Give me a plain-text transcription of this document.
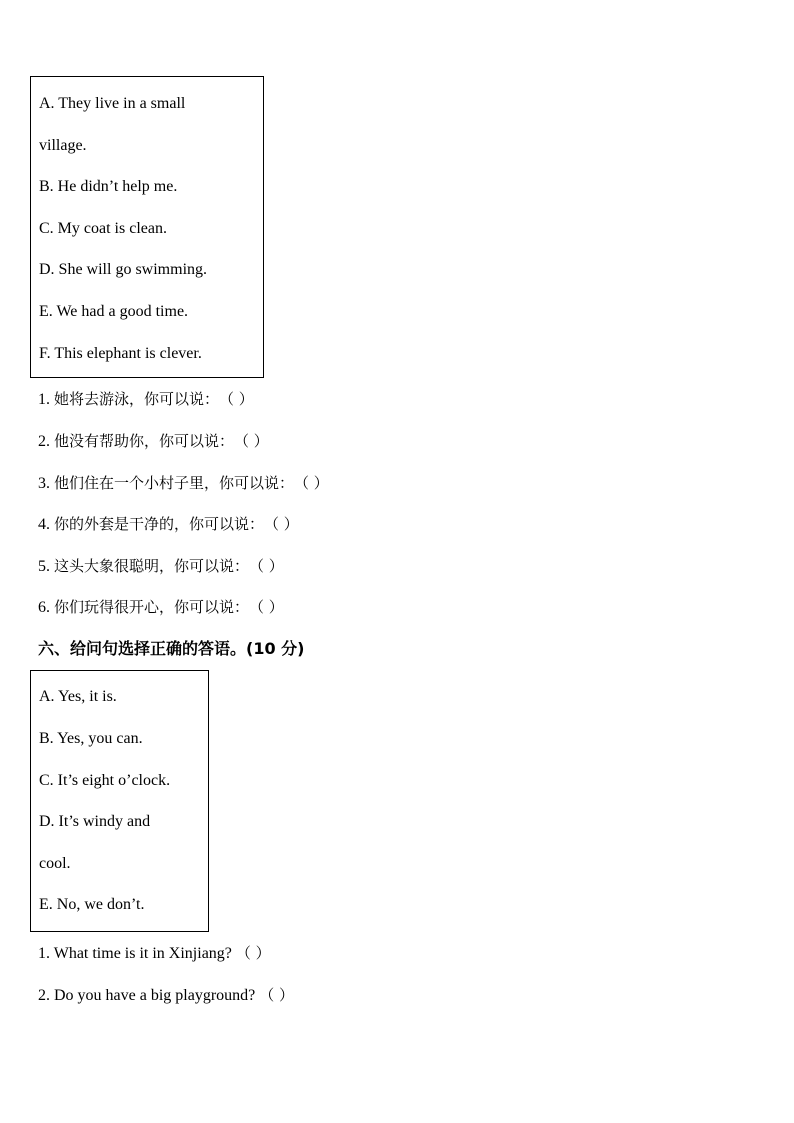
A. They live in a small
village.
B. He didn’t help me.
C. My coat is clean.
D. She will go swimming.
E. We had a good time.
F. This elephant is clever.
1. 她将去游泳，你可以说：（ ）
2. 他没有帮助你，你可以说：（ ）
3. 他们住在一个小村子里，你可以说：（ ）
4. 你的外套是干净的，你可以说：（ ）
5. 这头大象很聪明，你可以说：（ ）
6. 你们玩得很开心，你可以说：（ ）
六、给问句选择正确的答语。(10 分)
A. Yes, it is.
B. Yes, you can.
C. It’s eight o’clock.
D. It’s windy and
cool.
E. No, we don’t.
1. What time is it in Xinjiang? （ ）
2. Do you have a big playground? （ ）
